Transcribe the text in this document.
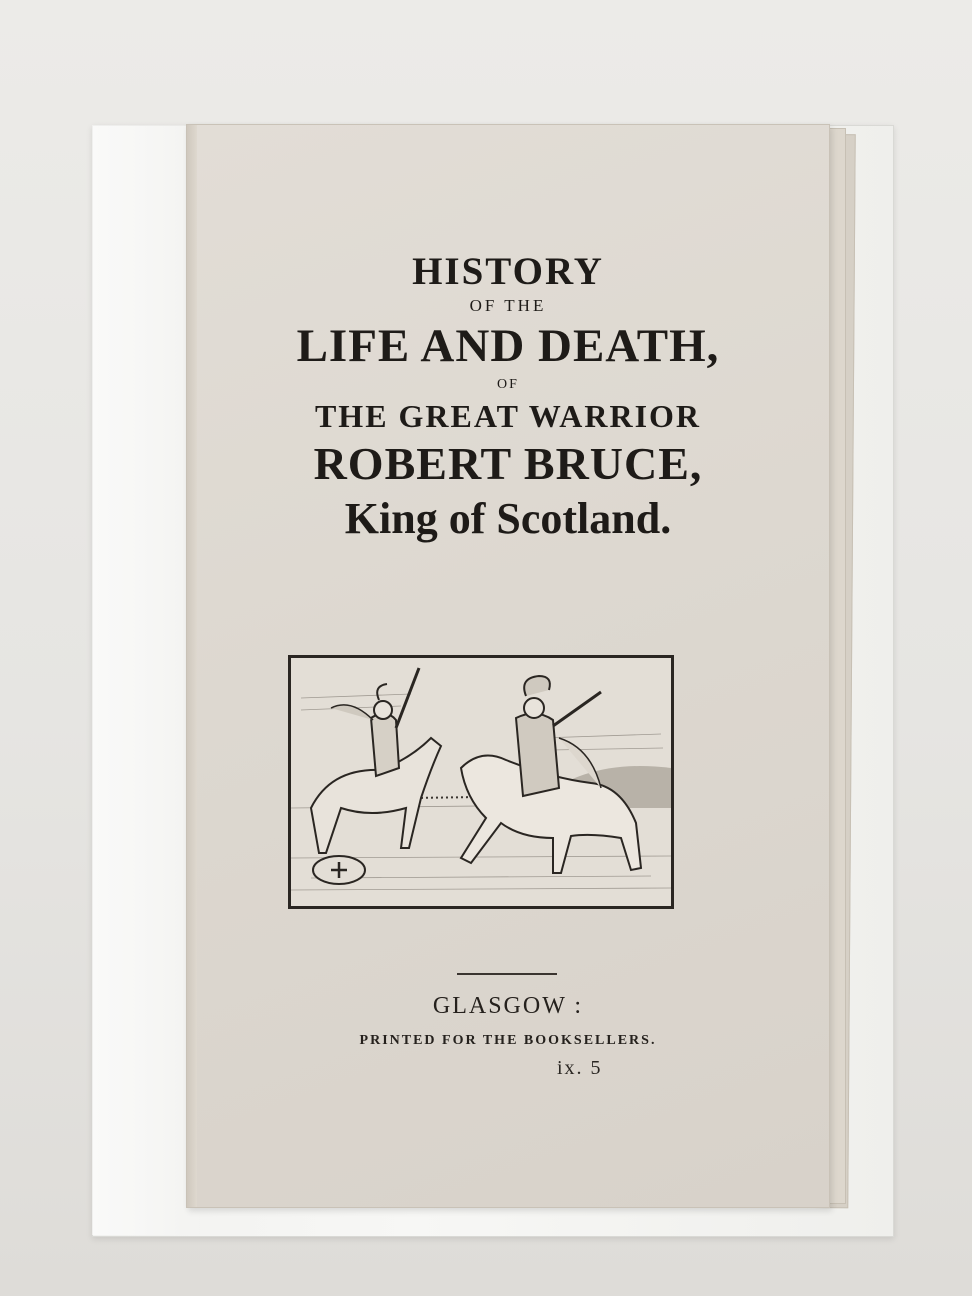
HISTORY
OF THE
LIFE AND DEATH,
OF
THE GREAT WARRIOR
ROBERT BRUCE,
King of Scotland.
GLASGOW :
PRINTED FOR THE BOOKSELLERS.
ix. 5
